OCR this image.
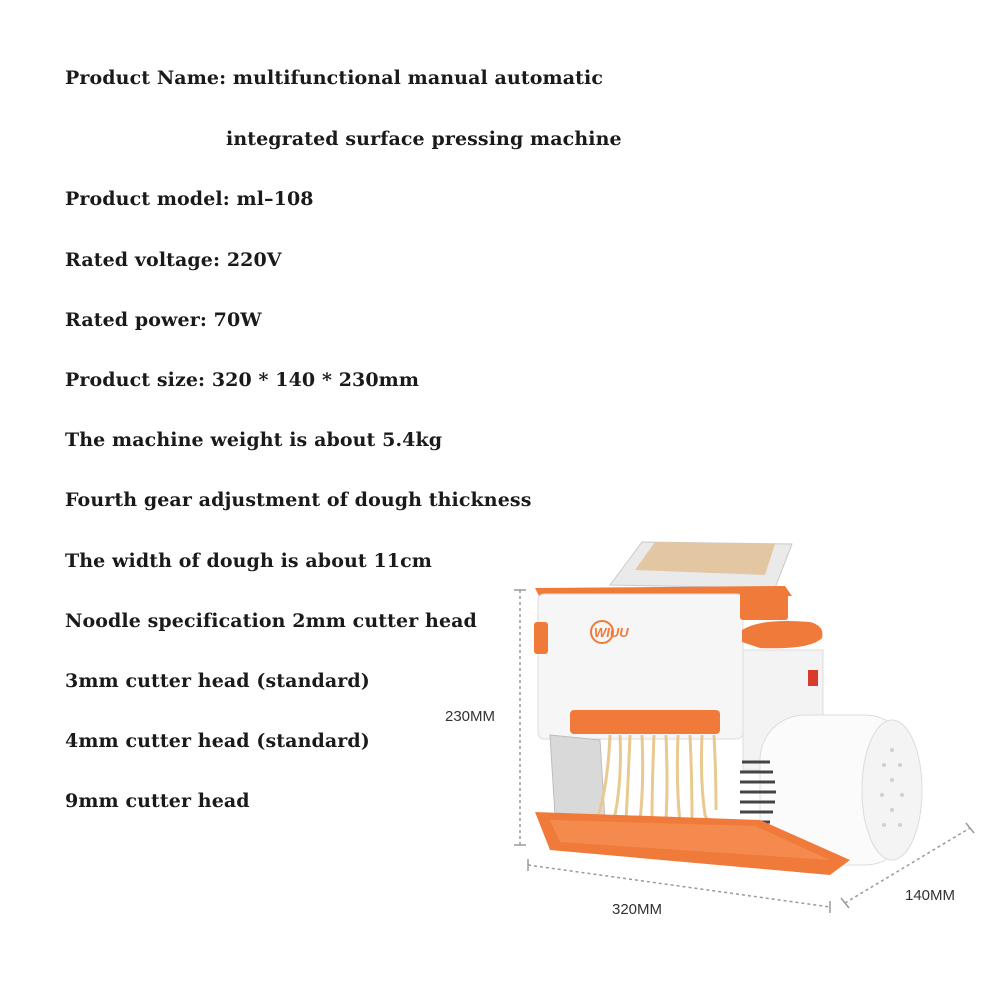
Product Name: multifunctional manual automatic
integrated surface pressing machine
Product model: ml–108
Rated voltage: 220V
Rated power: 70W
Product size: 320 * 140 * 230mm
The machine weight is about 5.4kg
Fourth gear adjustment of dough thickness
The width of dough is about 11cm
Noodle specification 2mm cutter head
3mm cutter head (standard)
4mm cutter head (standard)
9mm cutter head
WIUU
230MM
320MM
140MM
